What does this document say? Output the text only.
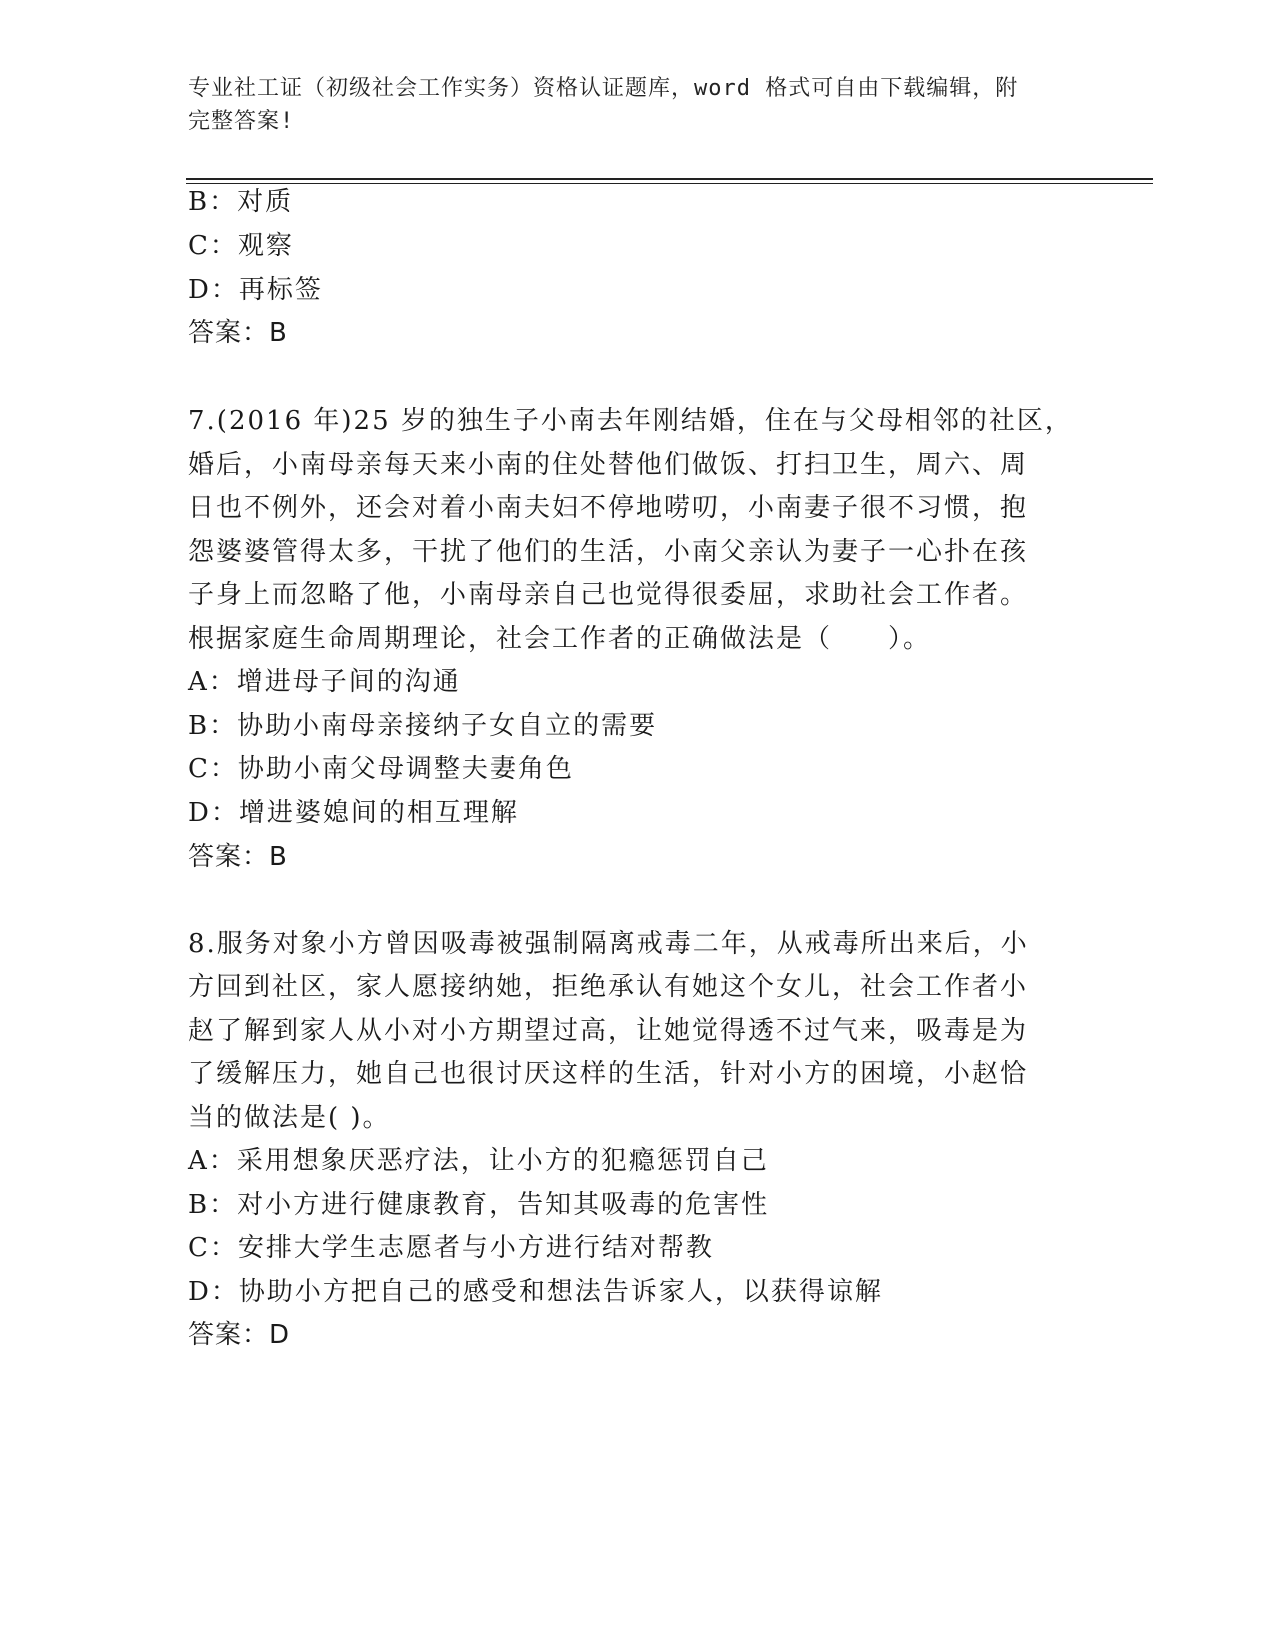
专业社工证（初级社会工作实务）资格认证题库，word 格式可自由下载编辑，附
完整答案!
B：对质
C：观察
D：再标签
答案：B
7.(2016 年)25 岁的独生子小南去年刚结婚，住在与父母相邻的社区，
婚后，小南母亲每天来小南的住处替他们做饭、打扫卫生，周六、周
日也不例外，还会对着小南夫妇不停地唠叨，小南妻子很不习惯，抱
怨婆婆管得太多，干扰了他们的生活，小南父亲认为妻子一心扑在孩
子身上而忽略了他，小南母亲自己也觉得很委屈，求助社会工作者。
根据家庭生命周期理论，社会工作者的正确做法是（　　）。
A：增进母子间的沟通
B：协助小南母亲接纳子女自立的需要
C：协助小南父母调整夫妻角色
D：增进婆媳间的相互理解
答案：B
8.服务对象小方曾因吸毒被强制隔离戒毒二年，从戒毒所出来后，小
方回到社区，家人愿接纳她，拒绝承认有她这个女儿，社会工作者小
赵了解到家人从小对小方期望过高，让她觉得透不过气来，吸毒是为
了缓解压力，她自己也很讨厌这样的生活，针对小方的困境，小赵恰
当的做法是( )。
A：采用想象厌恶疗法，让小方的犯瘾惩罚自己
B：对小方进行健康教育，告知其吸毒的危害性
C：安排大学生志愿者与小方进行结对帮教
D：协助小方把自己的感受和想法告诉家人，以获得谅解
答案：D
